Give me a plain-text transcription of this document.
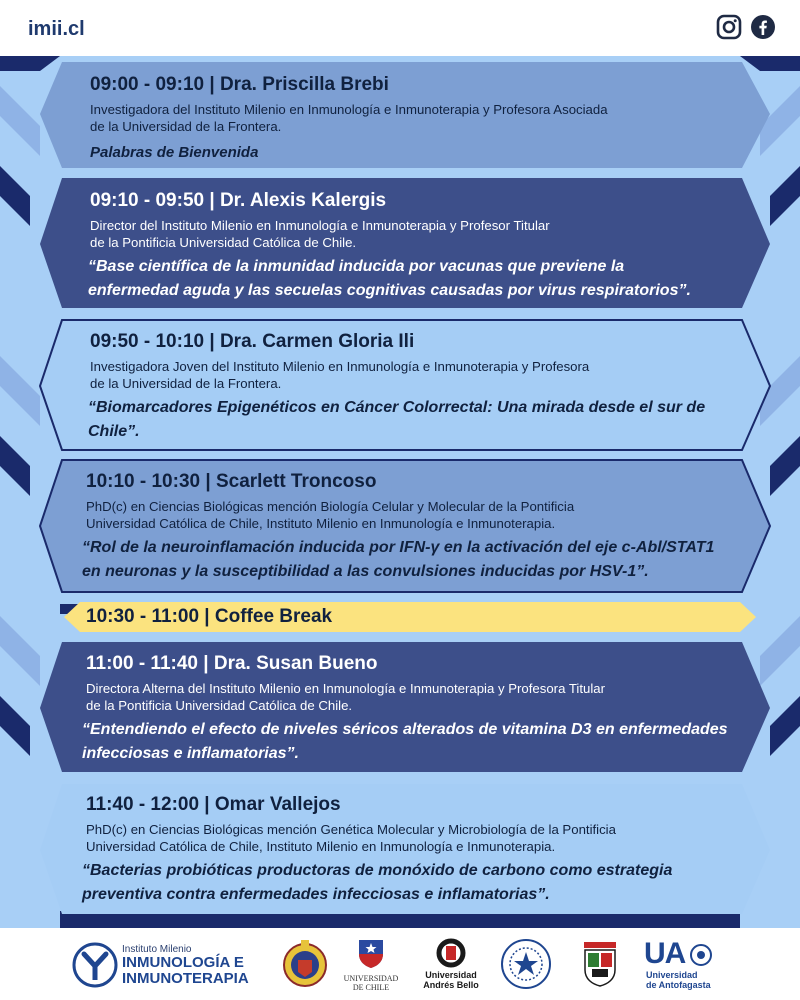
imii.cl
09:00 - 09:10 | Dra. Priscilla Brebi
Investigadora del Instituto Milenio en Inmunología e Inmunoterapia y Profesora Asociada
de la Universidad de la Frontera.
Palabras de Bienvenida
09:10 - 09:50 | Dr. Alexis Kalergis
Director del Instituto Milenio en Inmunología e Inmunoterapia y Profesor Titular
de la Pontificia Universidad Católica de Chile.
“Base científica de la inmunidad inducida por vacunas que previene la
enfermedad aguda y las secuelas cognitivas causadas por virus respiratorios”.
09:50 - 10:10 | Dra. Carmen Gloria Ili
Investigadora Joven del Instituto Milenio en Inmunología e Inmunoterapia y Profesora
de la Universidad de la Frontera.
“Biomarcadores Epigenéticos en Cáncer Colorrectal: Una mirada desde el sur de
Chile”.
10:10 - 10:30 | Scarlett Troncoso
PhD(c) en Ciencias Biológicas mención Biología Celular y Molecular de la Pontificia
Universidad Católica de Chile, Instituto Milenio en Inmunología e Inmunoterapia.
“Rol de la neuroinflamación inducida por IFN-γ en la activación del eje c-Abl/STAT1
en neuronas y la susceptibilidad a las convulsiones inducidas por HSV-1”.
10:30 - 11:00 | Coffee Break
11:00 - 11:40 | Dra. Susan Bueno
Directora Alterna del Instituto Milenio en Inmunología e Inmunoterapia y Profesora Titular
de la Pontificia Universidad Católica de Chile.
“Entendiendo el efecto de niveles séricos alterados de vitamina D3 en enfermedades
infecciosas e inflamatorias”.
11:40 - 12:00 | Omar Vallejos
PhD(c) en Ciencias Biológicas mención Genética Molecular y Microbiología de la Pontificia
Universidad Católica de Chile, Instituto Milenio en Inmunología e Inmunoterapia.
“Bacterias probióticas productoras de monóxido de carbono como estrategia
preventiva contra enfermedades infecciosas e inflamatorias”.
Instituto Milenio
INMUNOLOGÍA E
INMUNOTERAPIA	UNIVERSIDAD
DE CHILE
Universidad
Andrés Bello
UA
Universidad
de Antofagasta
